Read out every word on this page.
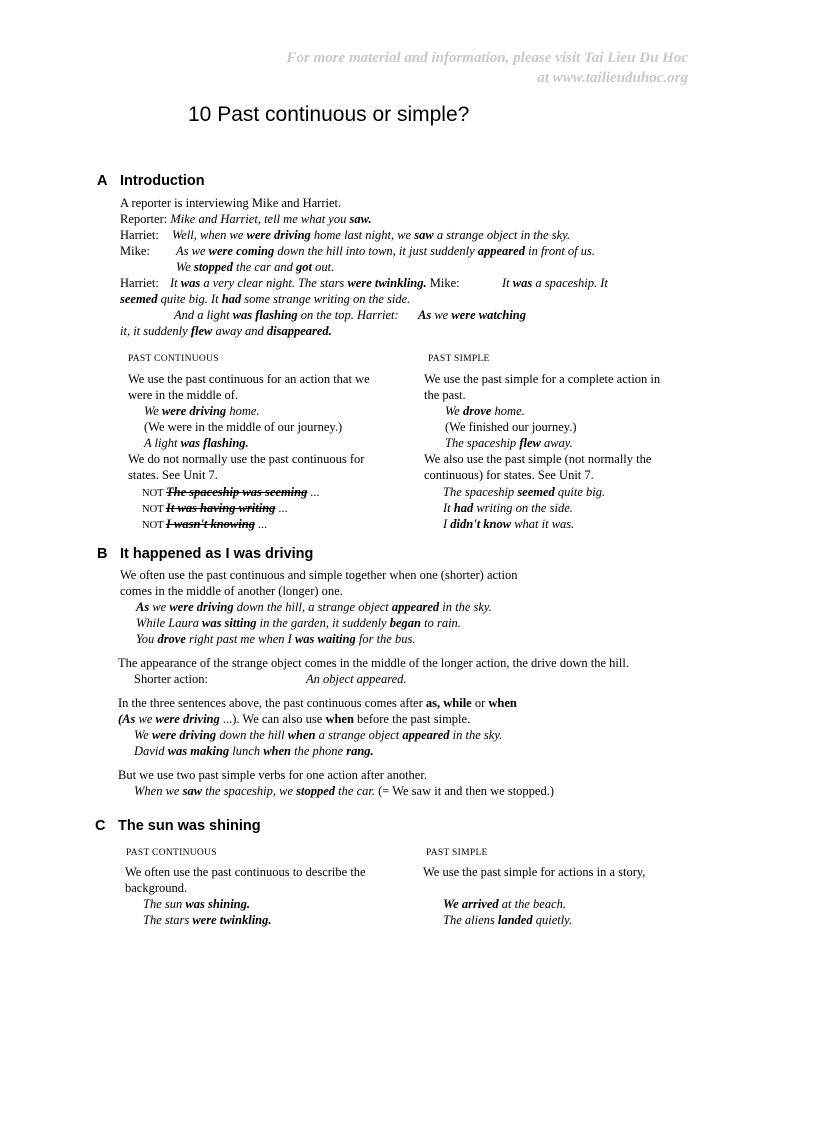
For more material and information, please visit Tai Lieu Du Hoc
at www.tailieuduhoc.org
10 Past continuous or simple?
A Introduction
A reporter is interviewing Mike and Harriet.
Reporter: Mike and Harriet, tell me what you saw.
Harriet: Well, when we were driving home last night, we saw a strange object in the sky.
Mike: As we were coming down the hill into town, it just suddenly appeared in front of us.
We stopped the car and got out.
Harriet: It was a very clear night. The stars were twinkling. Mike:	It was a spaceship. It
seemed quite big. It had some strange writing on the side.
And a light was flashing on the top. Harriet: As we were watching
it, it suddenly flew away and disappeared.
PAST CONTINUOUS
We use the past continuous for an action that we
were in the middle of.
We were driving home.
(We were in the middle of our journey.)
A light was flashing.
We do not normally use the past continuous for
states. See Unit 7.
NOT The spaceship was seeming ...
NOT It was having writing ...
NOT I wasn't knowing ...
PAST SIMPLE
We use the past simple for a complete action in
the past.
We drove home.
(We finished our journey.)
The spaceship flew away.
We also use the past simple (not normally the
continuous) for states. See Unit 7.
The spaceship seemed quite big.
It had writing on the side.
I didn't know what it was.
B It happened as I was driving
We often use the past continuous and simple together when one (shorter) action
comes in the middle of another (longer) one.
As we were driving down the hill, a strange object appeared in the sky.
While Laura was sitting in the garden, it suddenly began to rain.
You drove right past me when I was waiting for the bus.
The appearance of the strange object comes in the middle of the longer action, the drive down the hill.
Shorter action:	An object appeared.
In the three sentences above, the past continuous comes after as, while or when
(As we were driving ...). We can also use when before the past simple.
We were driving down the hill when a strange object appeared in the sky.
David was making lunch when the phone rang.
But we use two past simple verbs for one action after another.
When we saw the spaceship, we stopped the car. (= We saw it and then we stopped.)
C The sun was shining
PAST CONTINUOUS
We often use the past continuous to describe the
background.
The sun was shining.
The stars were twinkling.
PAST SIMPLE
We use the past simple for actions in a story,
We arrived at the beach.
The aliens landed quietly.
